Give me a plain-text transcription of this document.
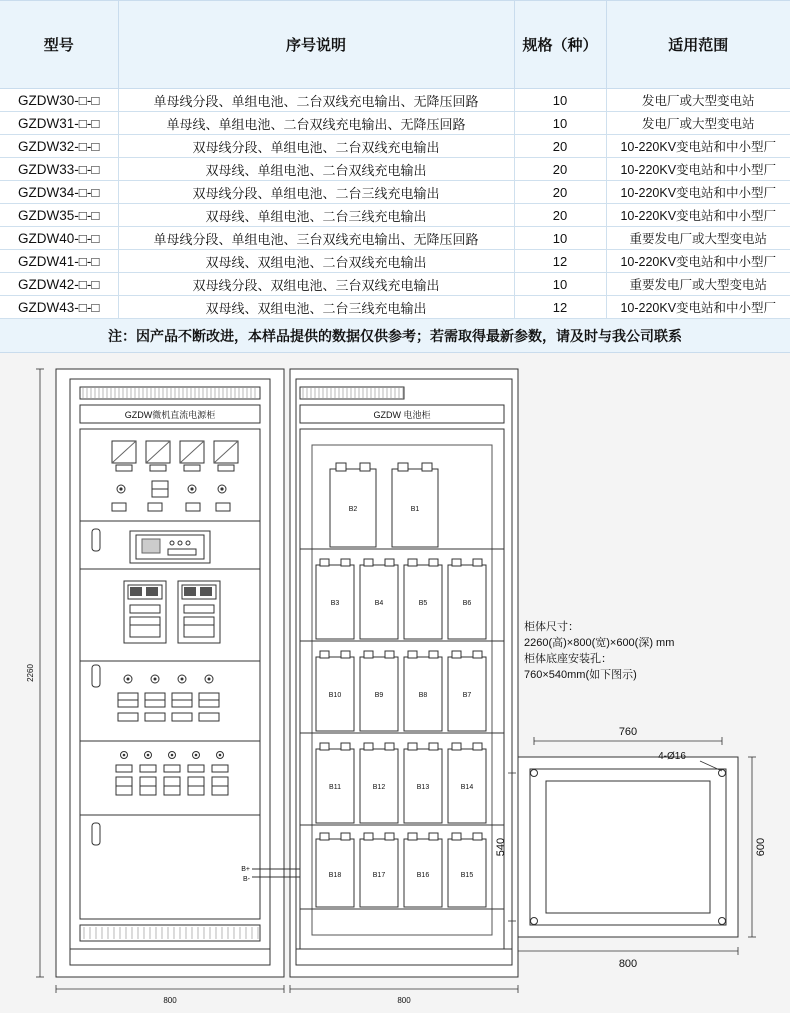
型号	序号说明	规格（种）	适用范围
GZDW30-□-□	单母线分段、单组电池、二台双线充电输出、无降压回路	10	发电厂或大型变电站
GZDW31-□-□	单母线、单组电池、二台双线充电输出、无降压回路	10	发电厂或大型变电站
GZDW32-□-□	双母线分段、单组电池、二台双线充电输出	20	10-220KV变电站和中小型厂
GZDW33-□-□	双母线、单组电池、二台双线充电输出	20	10-220KV变电站和中小型厂
GZDW34-□-□	双母线分段、单组电池、二台三线充电输出	20	10-220KV变电站和中小型厂
GZDW35-□-□	双母线、单组电池、二台三线充电输出	20	10-220KV变电站和中小型厂
GZDW40-□-□	单母线分段、单组电池、三台双线充电输出、无降压回路	10	重要发电厂或大型变电站
GZDW41-□-□	双母线、双组电池、二台双线充电输出	12	10-220KV变电站和中小型厂
GZDW42-□-□	双母线分段、双组电池、三台双线充电输出	10	重要发电厂或大型变电站
GZDW43-□-□	双母线、双组电池、二台三线充电输出	12	10-220KV变电站和中小型厂
注：因产品不断改进，本样品提供的数据仅供参考；若需取得最新参数，请及时与我公司联系
GZDW微机直流电源柜	GZDW 电池柜
B2	B1
B3	B4	B5	B6
B10	B9	B8	B7
B11	B12	B13	B14
B18	B17	B16	B15
B+
B-
2260
800	800
760
800
540	600
4-Ø16
柜体尺寸：
2260(高)×800(宽)×600(深) mm
柜体底座安装孔：
760×540mm(如下图示)
